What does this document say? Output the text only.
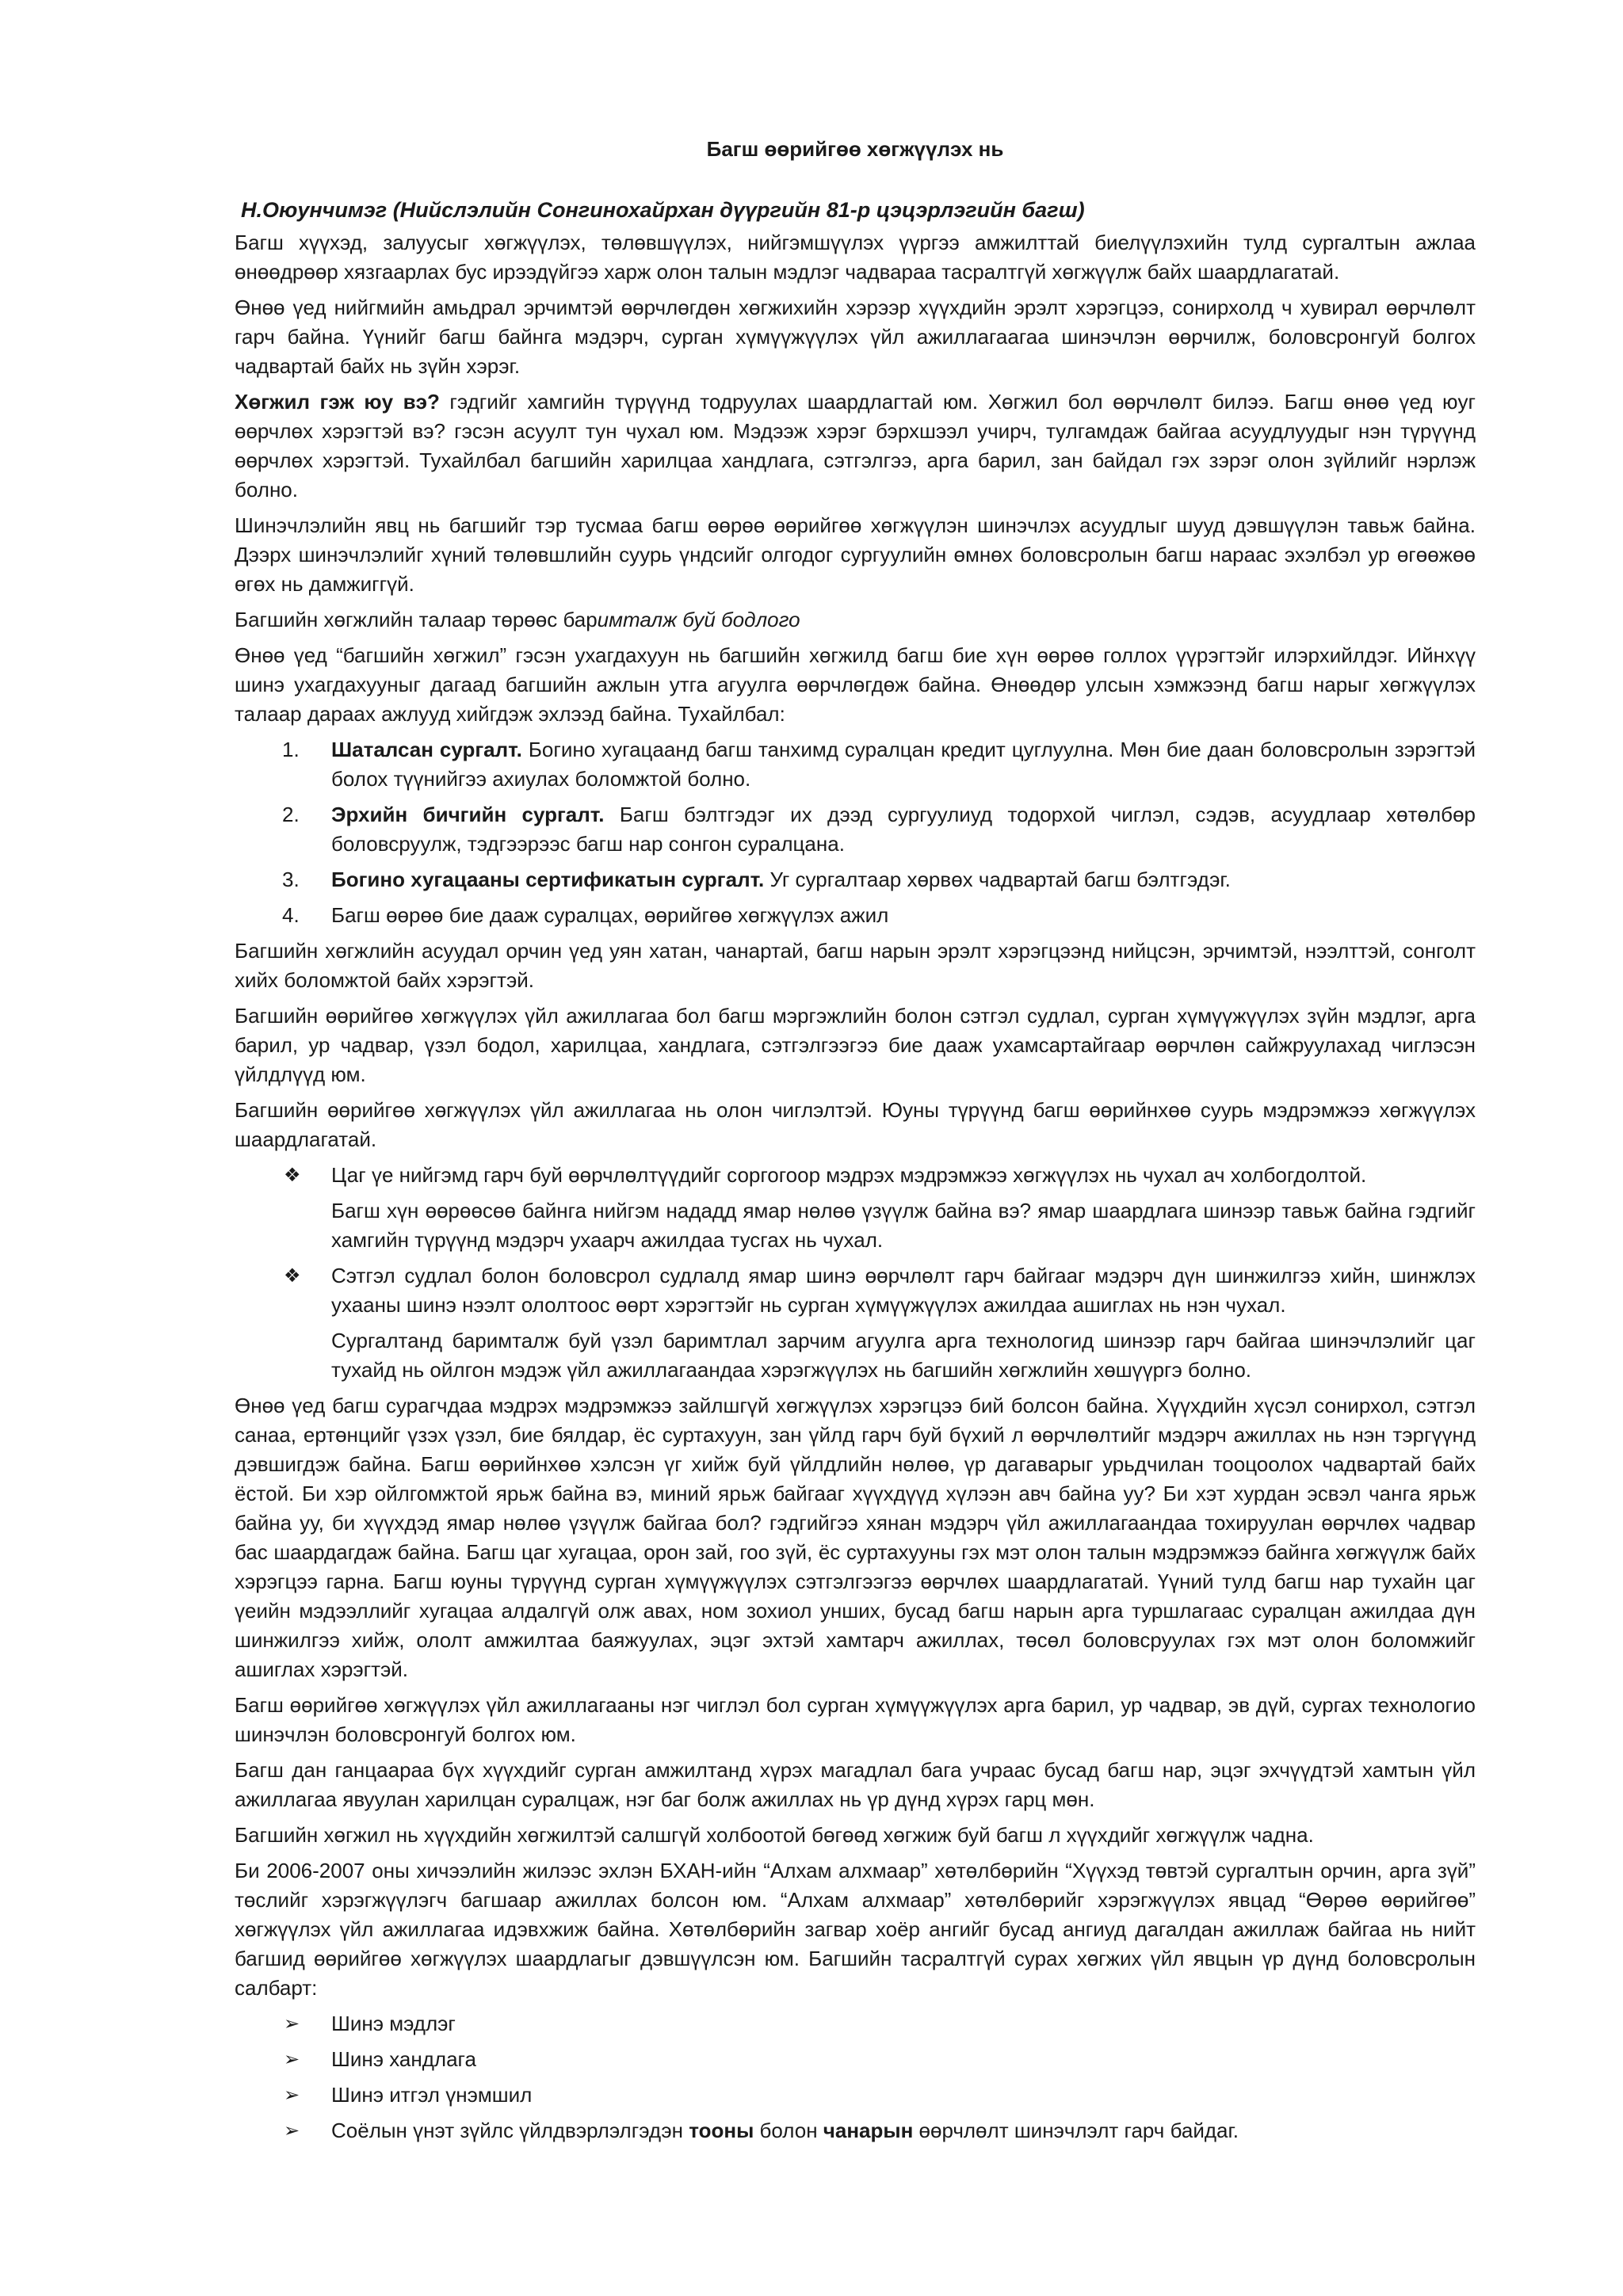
Багш өөрийгөө хөгжүүлэх нь

Н.Оюунчимэг (Нийслэлийн Сонгинохайрхан дүүргийн 81-р цэцэрлэгийн багш)

Багш хүүхэд, залуусыг хөгжүүлэх, төлөвшүүлэх, нийгэмшүүлэх үүргээ амжилттай биелүүлэхийн тулд сургалтын ажлаа өнөөдрөөр хязгаарлах бус ирээдүйгээ харж олон талын мэдлэг чадвараа тасралтгүй хөгжүүлж байх шаардлагатай.

Өнөө үед нийгмийн амьдрал эрчимтэй өөрчлөгдөн хөгжихийн хэрээр хүүхдийн эрэлт хэрэгцээ, сонирхолд ч хувирал өөрчлөлт гарч байна. Үүнийг багш байнга мэдэрч, сурган хүмүүжүүлэх үйл ажиллагаагаа шинэчлэн өөрчилж, боловсронгуй болгох чадвартай байх нь зүйн хэрэг.

Хөгжил гэж юу вэ? гэдгийг хамгийн түрүүнд тодруулах шаардлагтай юм. Хөгжил бол өөрчлөлт билээ. Багш өнөө үед юуг өөрчлөх хэрэгтэй вэ? гэсэн асуулт тун чухал юм. Мэдээж хэрэг бэрхшээл учирч, тулгамдаж байгаа асуудлуудыг нэн түрүүнд өөрчлөх хэрэгтэй. Тухайлбал багшийн харилцаа хандлага, сэтгэлгээ, арга барил, зан байдал гэх зэрэг олон зүйлийг нэрлэж болно.

Шинэчлэлийн явц нь багшийг тэр тусмаа багш өөрөө өөрийгөө хөгжүүлэн шинэчлэх асуудлыг шууд дэвшүүлэн тавьж байна. Дээрх шинэчлэлийг хүний төлөвшлийн суурь үндсийг олгодог сургуулийн өмнөх боловсролын багш нараас эхэлбэл ур өгөөжөө өгөх нь дамжиггүй.

Багшийн хөгжлийн талаар төрөөс баримталж буй бодлого

Өнөө үед “багшийн хөгжил” гэсэн ухагдахуун нь багшийн хөгжилд багш бие хүн өөрөө голлох үүрэгтэйг илэрхийлдэг. Ийнхүү шинэ ухагдахууныг дагаад багшийн ажлын утга агуулга өөрчлөгдөж байна. Өнөөдөр улсын хэмжээнд багш нарыг хөгжүүлэх талаар дараах ажлууд хийгдэж эхлээд байна. Тухайлбал:

1. Шаталсан сургалт. Богино хугацаанд багш танхимд суралцан кредит цуглуулна. Мөн бие даан боловсролын зэрэгтэй болох түүнийгээ ахиулах боломжтой болно.
2. Эрхийн бичгийн сургалт. Багш бэлтгэдэг их дээд сургуулиуд тодорхой чиглэл, сэдэв, асуудлаар хөтөлбөр боловсруулж, тэдгээрээс багш нар сонгон суралцана.
3. Богино хугацааны сертификатын сургалт. Уг сургалтаар хөрвөх чадвартай багш бэлтгэдэг.
4. Багш өөрөө бие дааж суралцах, өөрийгөө хөгжүүлэх ажил

Багшийн хөгжлийн асуудал орчин үед уян хатан, чанартай, багш нарын эрэлт хэрэгцээнд нийцсэн, эрчимтэй, нээлттэй, сонголт хийх боломжтой байх хэрэгтэй.

Багшийн өөрийгөө хөгжүүлэх үйл ажиллагаа бол багш мэргэжлийн болон сэтгэл судлал, сурган хүмүүжүүлэх зүйн мэдлэг, арга барил, ур чадвар, үзэл бодол, харилцаа, хандлага, сэтгэлгээгээ бие дааж ухамсартайгаар өөрчлөн сайжруулахад чиглэсэн үйлдлүүд юм.

Багшийн өөрийгөө хөгжүүлэх үйл ажиллагаа нь олон чиглэлтэй. Юуны түрүүнд багш өөрийнхөө суурь мэдрэмжээ хөгжүүлэх шаардлагатай.

❖ Цаг үе нийгэмд гарч буй өөрчлөлтүүдийг соргогоор мэдрэх мэдрэмжээ хөгжүүлэх нь чухал ач холбогдолтой.
Багш хүн өөрөөсөө байнга нийгэм нададд ямар нөлөө үзүүлж байна вэ? ямар шаардлага шинээр тавьж байна гэдгийг хамгийн түрүүнд мэдэрч ухаарч ажилдаа тусгах нь чухал.
❖ Сэтгэл судлал болон боловсрол судлалд ямар шинэ өөрчлөлт гарч байгааг мэдэрч дүн шинжилгээ хийн, шинжлэх ухааны шинэ нээлт ололтоос өөрт хэрэгтэйг нь сурган хүмүүжүүлэх ажилдаа ашиглах нь нэн чухал.
Сургалтанд баримталж буй үзэл баримтлал зарчим агуулга арга технологид шинээр гарч байгаа шинэчлэлийг цаг тухайд нь ойлгон мэдэж үйл ажиллагаандаа хэрэгжүүлэх нь багшийн хөгжлийн хөшүүргэ болно.

Өнөө үед багш сурагчдаа мэдрэх мэдрэмжээ зайлшгүй хөгжүүлэх хэрэгцээ бий болсон байна. Хүүхдийн хүсэл сонирхол, сэтгэл санаа, ертөнцийг үзэх үзэл, бие бялдар, ёс суртахуун, зан үйлд гарч буй бүхий л өөрчлөлтийг мэдэрч ажиллах нь нэн тэргүүнд дэвшигдэж байна. Багш өөрийнхөө хэлсэн үг хийж буй үйлдлийн нөлөө, үр дагаварыг урьдчилан тооцоолох чадвартай байх ёстой. Би хэр ойлгомжтой ярьж байна вэ, миний ярьж байгааг хүүхдүүд хүлээн авч байна уу? Би хэт хурдан эсвэл чанга ярьж байна уу, би хүүхдэд ямар нөлөө үзүүлж байгаа бол? гэдгийгээ хянан мэдэрч үйл ажиллагаандаа тохируулан өөрчлөх чадвар бас шаардагдаж байна. Багш цаг хугацаа, орон зай, гоо зүй, ёс суртахууны гэх мэт олон талын мэдрэмжээ байнга хөгжүүлж байх хэрэгцээ гарна. Багш юуны түрүүнд сурган хүмүүжүүлэх сэтгэлгээгээ өөрчлөх шаардлагатай. Үүний тулд багш нар тухайн цаг үеийн мэдээллийг хугацаа алдалгүй олж авах, ном зохиол унших, бусад багш нарын арга туршлагаас суралцан ажилдаа дүн шинжилгээ хийж, ололт амжилтаа баяжуулах, эцэг эхтэй хамтарч ажиллах, төсөл боловсруулах гэх мэт олон боломжийг ашиглах хэрэгтэй.

Багш өөрийгөө хөгжүүлэх үйл ажиллагааны нэг чиглэл бол сурган хүмүүжүүлэх арга барил, ур чадвар, эв дүй, сургах технологио шинэчлэн боловсронгуй болгох юм.

Багш дан ганцаараа бүх хүүхдийг сурган амжилтанд хүрэх магадлал бага учраас бусад багш нар, эцэг эхчүүдтэй хамтын үйл ажиллагаа явуулан харилцан суралцаж, нэг баг болж ажиллах нь үр дүнд хүрэх гарц мөн.

Багшийн хөгжил нь хүүхдийн хөгжилтэй салшгүй холбоотой бөгөөд хөгжиж буй багш л хүүхдийг хөгжүүлж чадна.

Би 2006-2007 оны хичээлийн жилээс эхлэн БХАН-ийн “Алхам алхмаар” хөтөлбөрийн “Хүүхэд төвтэй сургалтын орчин, арга зүй” төслийг хэрэгжүүлэгч багшаар ажиллах болсон юм. “Алхам алхмаар” хөтөлбөрийг хэрэгжүүлэх явцад “Өөрөө өөрийгөө” хөгжүүлэх үйл ажиллагаа идэвхжиж байна. Хөтөлбөрийн загвар хоёр ангийг бусад ангиуд дагалдан ажиллаж байгаа нь нийт багшид өөрийгөө хөгжүүлэх шаардлагыг дэвшүүлсэн юм. Багшийн тасралтгүй сурах хөгжих үйл явцын үр дүнд боловсролын салбарт:

➢ Шинэ мэдлэг
➢ Шинэ хандлага
➢ Шинэ итгэл үнэмшил
➢ Соёлын үнэт зүйлс үйлдвэрлэлгэдэн тооны болон чанарын өөрчлөлт шинэчлэлт гарч байдаг.
